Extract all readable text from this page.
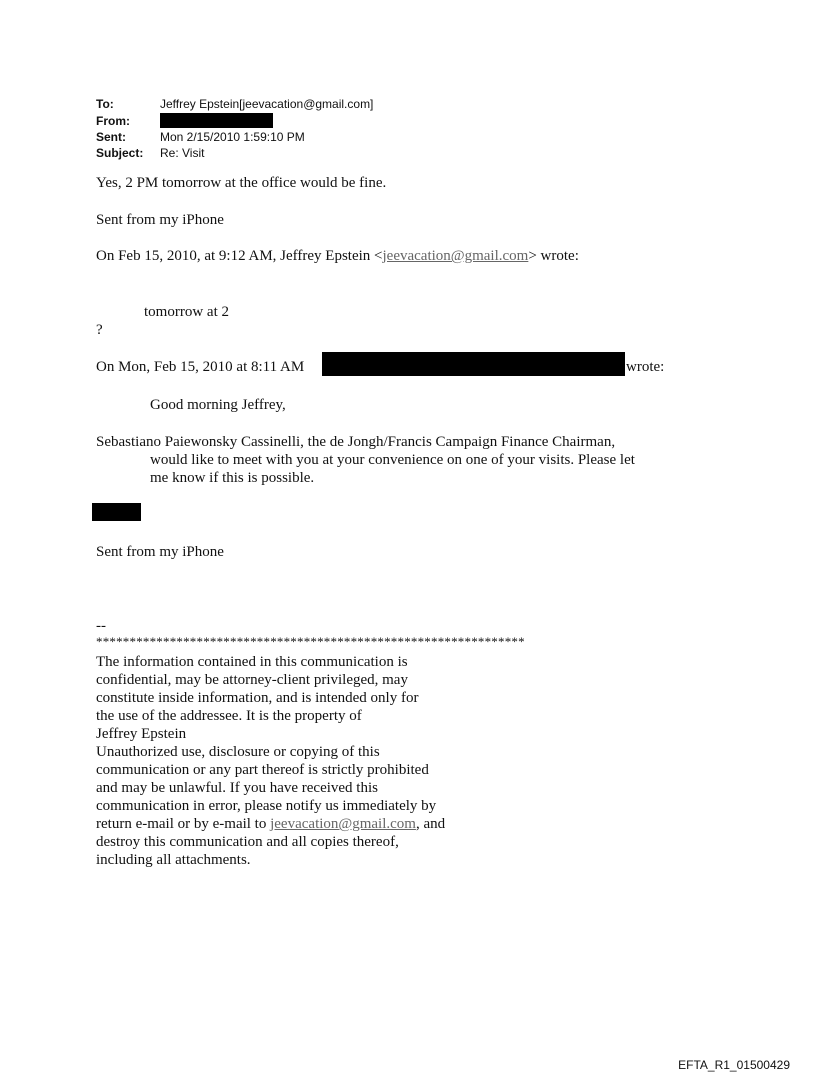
To:	Jeffrey Epstein[jeevacation@gmail.com]
From:
Sent:	Mon 2/15/2010 1:59:10 PM
Subject: Re: Visit
Yes, 2 PM tomorrow at the office would be fine.
Sent from my iPhone
On Feb 15, 2010, at 9:12 AM, Jeffrey Epstein <jeevacation@gmail.com> wrote:
tomorrow at 2
?
On Mon, Feb 15, 2010 at 8:11 AM	wrote:
Good morning Jeffrey,
Sebastiano Paiewonsky Cassinelli, the de Jongh/Francis Campaign Finance Chairman,
would like to meet with you at your convenience on one of your visits. Please let
me know if this is possible.
Sent from my iPhone
--
****************************************************************
The information contained in this communication is
confidential, may be attorney-client privileged, may
constitute inside information, and is intended only for
the use of the addressee. It is the property of
Jeffrey Epstein
Unauthorized use, disclosure or copying of this
communication or any part thereof is strictly prohibited
and may be unlawful. If you have received this
communication in error, please notify us immediately by
return e-mail or by e-mail to jeevacation@gmail.com, and
destroy this communication and all copies thereof,
including all attachments.
EFTA_R1_01500429
